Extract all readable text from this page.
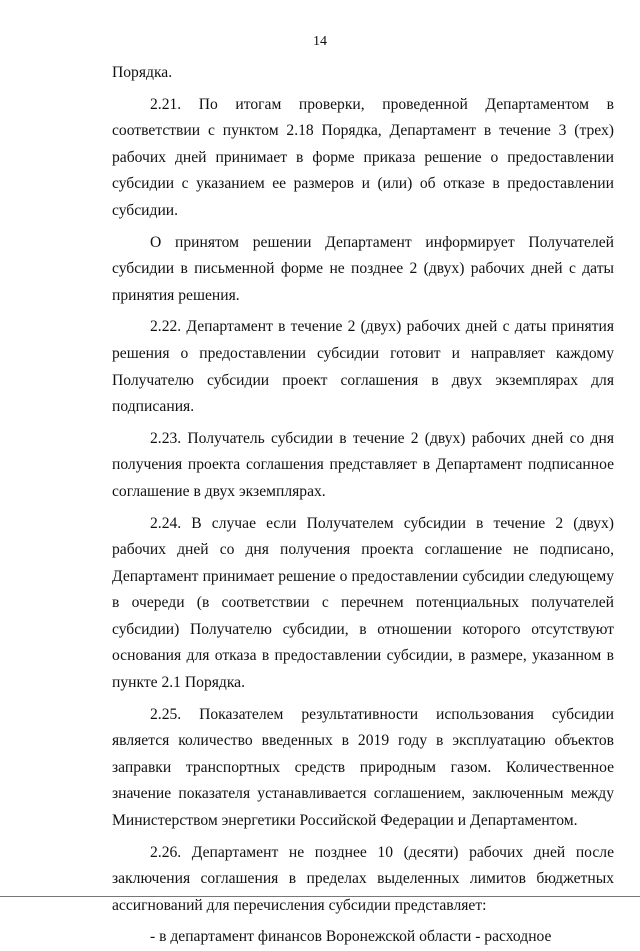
14

Порядка.

2.21. По итогам проверки, проведенной Департаментом в соответствии с пунктом 2.18 Порядка, Департамент в течение 3 (трех) рабочих дней принимает в форме приказа решение о предоставлении субсидии с указанием ее размеров и (или) об отказе в предоставлении субсидии.

О принятом решении Департамент информирует Получателей субсидии в письменной форме не позднее 2 (двух) рабочих дней с даты принятия решения.

2.22. Департамент в течение 2 (двух) рабочих дней с даты принятия решения о предоставлении субсидии готовит и направляет каждому Получателю субсидии проект соглашения в двух экземплярах для подписания.

2.23. Получатель субсидии в течение 2 (двух) рабочих дней со дня получения проекта соглашения представляет в Департамент подписанное соглашение в двух экземплярах.

2.24. В случае если Получателем субсидии в течение 2 (двух) рабочих дней со дня получения проекта соглашение не подписано, Департамент принимает решение о предоставлении субсидии следующему в очереди (в соответствии с перечнем потенциальных получателей субсидии) Получателю субсидии, в отношении которого отсутствуют основания для отказа в предоставлении субсидии, в размере, указанном в пункте 2.1 Порядка.

2.25. Показателем результативности использования субсидии является количество введенных в 2019 году в эксплуатацию объектов заправки транспортных средств природным газом. Количественное значение показателя устанавливается соглашением, заключенным между Министерством энергетики Российской Федерации и Департаментом.

2.26. Департамент не позднее 10 (десяти) рабочих дней после заключения соглашения в пределах выделенных лимитов бюджетных ассигнований для перечисления субсидии представляет:

- в департамент финансов Воронежской области - расходное
